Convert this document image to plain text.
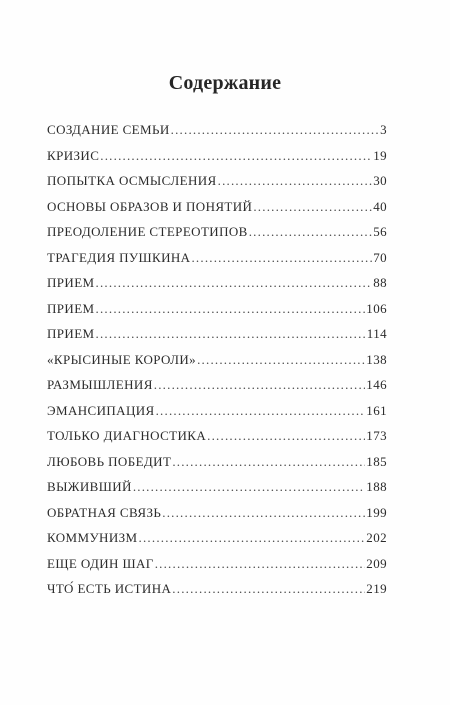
Содержание
СОЗДАНИЕ СЕМЬИ .....	3
КРИЗИС .....	19
ПОПЫТКА ОСМЫСЛЕНИЯ .....	30
ОСНОВЫ ОБРАЗОВ И ПОНЯТИЙ .....	40
ПРЕОДОЛЕНИЕ СТЕРЕОТИПОВ .....	56
ТРАГЕДИЯ ПУШКИНА .....	70
ПРИЕМ .....	88
ПРИЕМ .....	106
ПРИЕМ .....	114
«КРЫСИНЫЕ КОРОЛИ» .....	138
РАЗМЫШЛЕНИЯ .....	146
ЭМАНСИПАЦИЯ .....	161
ТОЛЬКО ДИАГНОСТИКА .....	173
ЛЮБОВЬ ПОБЕДИТ .....	185
ВЫЖИВШИЙ .....	188
ОБРАТНАЯ СВЯЗЬ .....	199
КОММУНИЗМ .....	202
ЕЩЕ ОДИН ШАГ .....	209
ЧТО́ ЕСТЬ ИСТИНА .....	219
